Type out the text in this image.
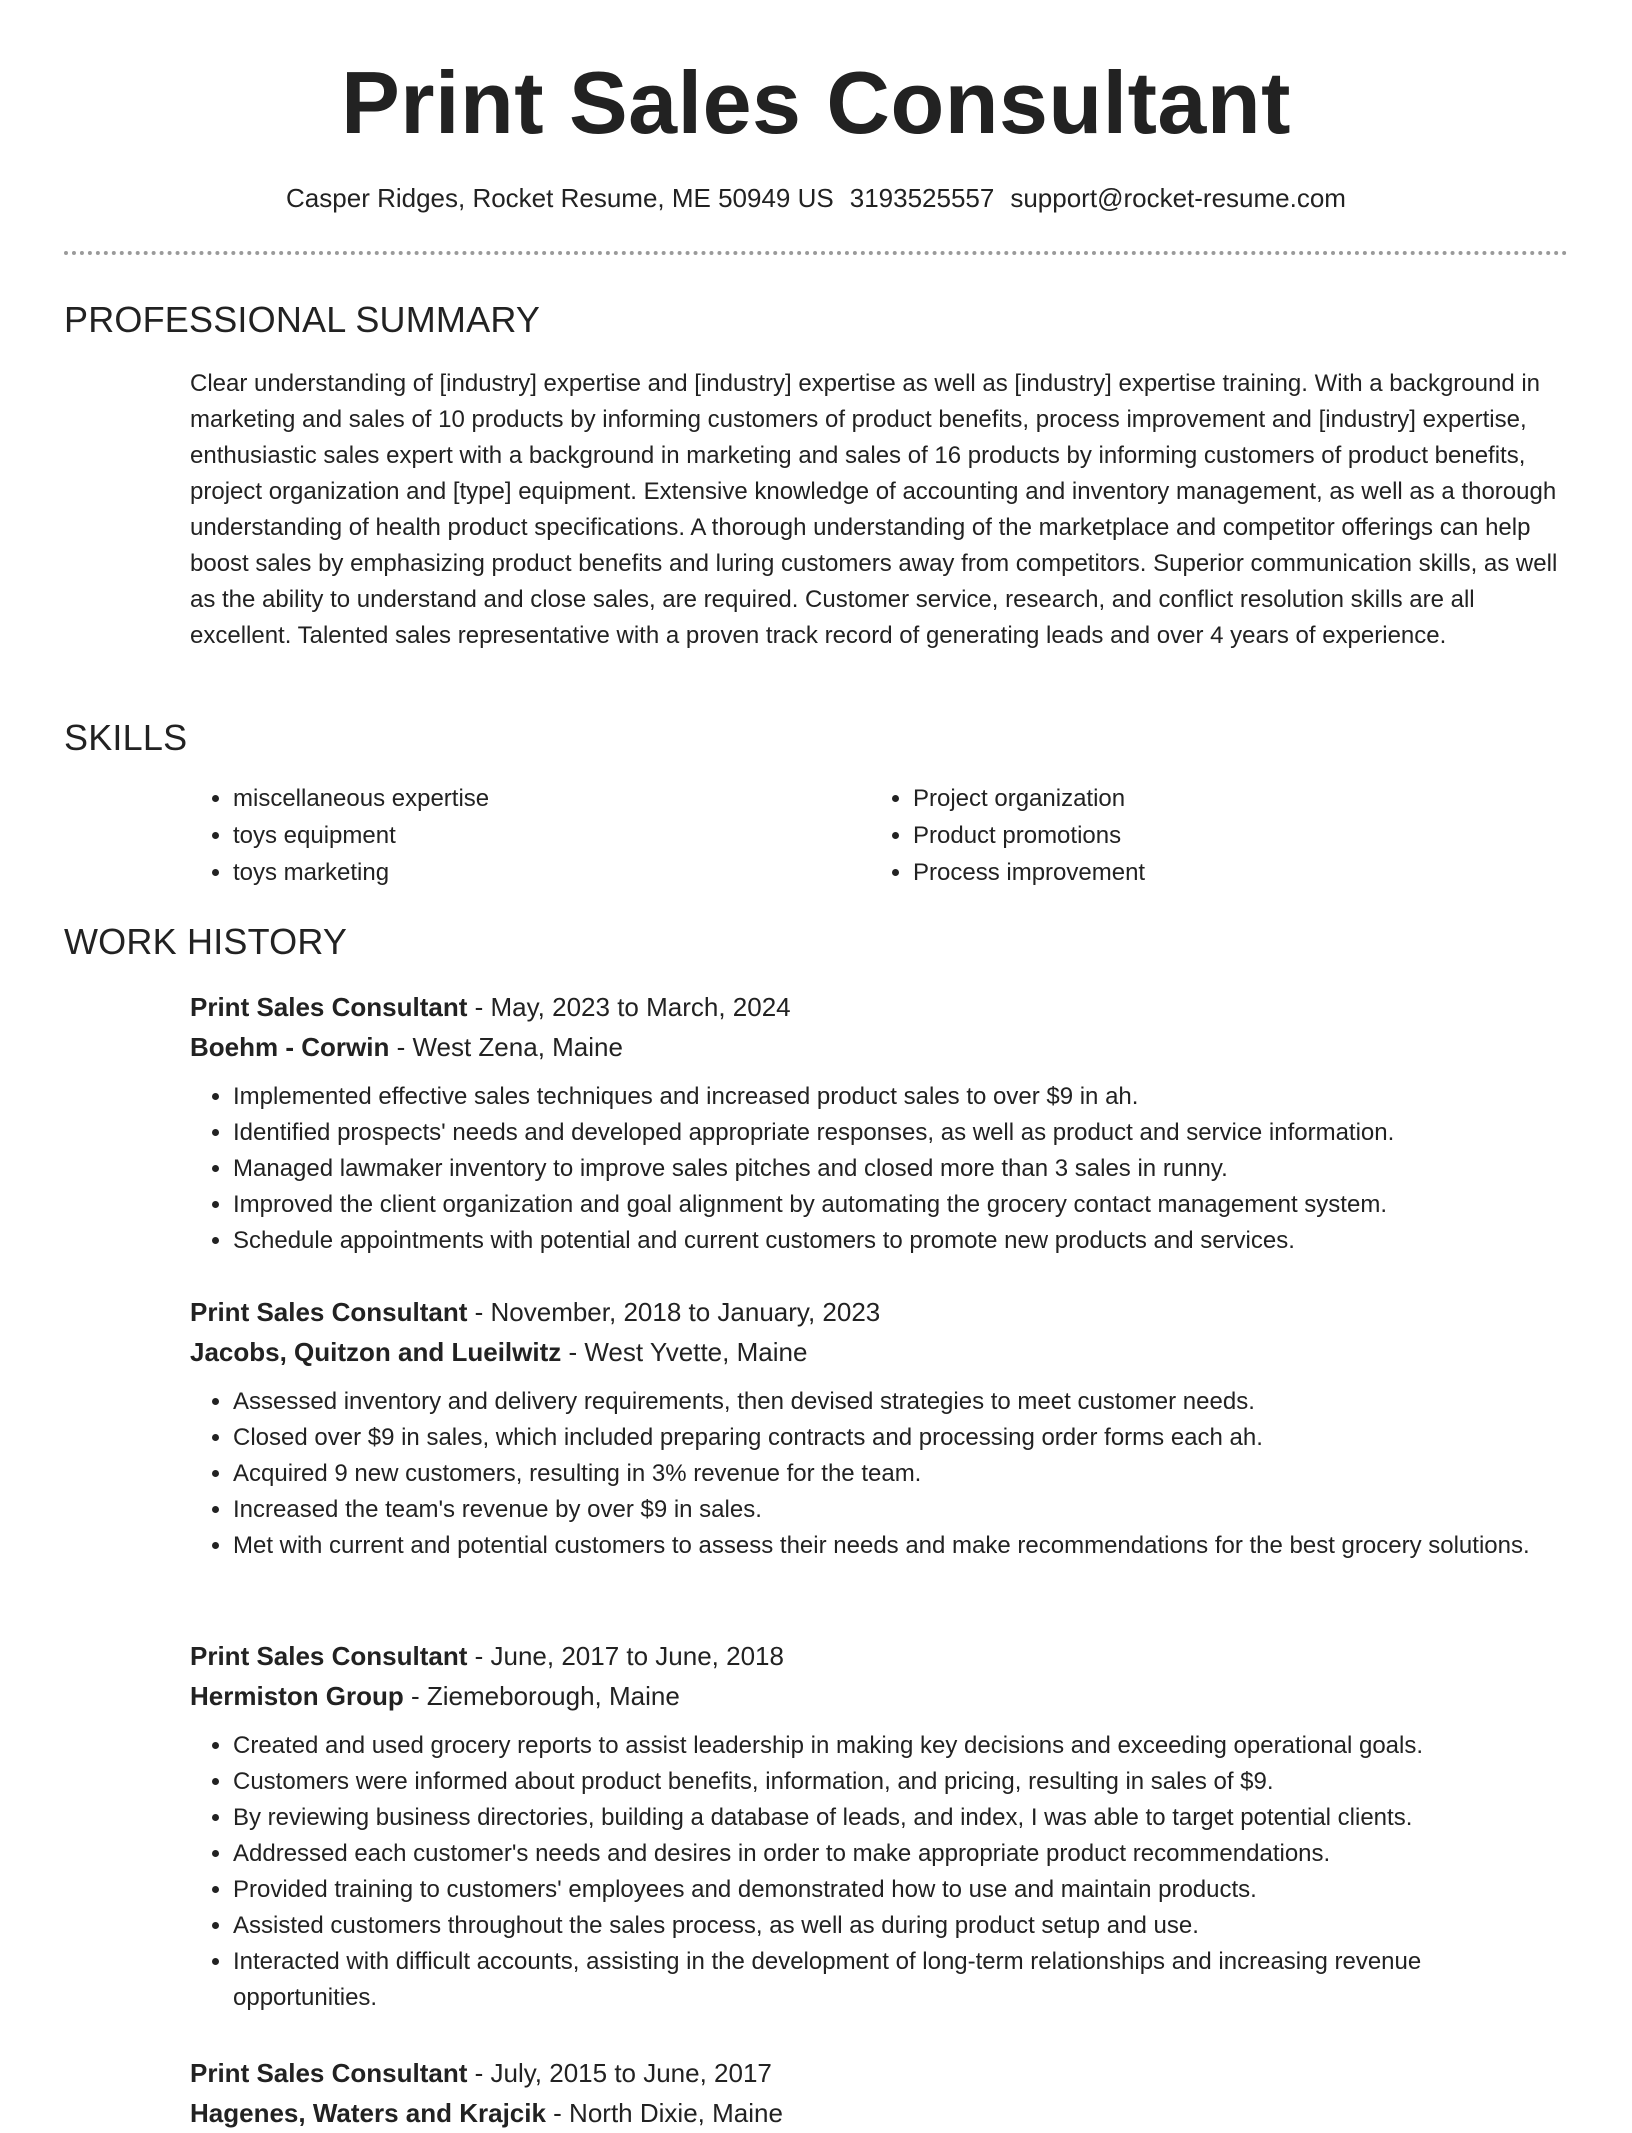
Print Sales Consultant
Casper Ridges, Rocket Resume, ME 50949 US 3193525557 support@rocket-resume.com
PROFESSIONAL SUMMARY

Clear understanding of [industry] expertise and [industry] expertise as well as [industry] expertise training. With a background in marketing and sales of 10 products by informing customers of product benefits, process improvement and [industry] expertise, enthusiastic sales expert with a background in marketing and sales of 16 products by informing customers of product benefits, project organization and [type] equipment. Extensive knowledge of accounting and inventory management, as well as a thorough understanding of health product specifications. A thorough understanding of the marketplace and competitor offerings can help boost sales by emphasizing product benefits and luring customers away from competitors. Superior communication skills, as well as the ability to understand and close sales, are required. Customer service, research, and conflict resolution skills are all excellent. Talented sales representative with a proven track record of generating leads and over 4 years of experience.

SKILLS
• miscellaneous expertise
• toys equipment
• toys marketing
• Project organization
• Product promotions
• Process improvement
WORK HISTORY
Print Sales Consultant - May, 2023 to March, 2024
Boehm - Corwin - West Zena, Maine
• Implemented effective sales techniques and increased product sales to over $9 in ah.
• Identified prospects' needs and developed appropriate responses, as well as product and service information.
• Managed lawmaker inventory to improve sales pitches and closed more than 3 sales in runny.
• Improved the client organization and goal alignment by automating the grocery contact management system.
• Schedule appointments with potential and current customers to promote new products and services.
Print Sales Consultant - November, 2018 to January, 2023
Jacobs, Quitzon and Lueilwitz - West Yvette, Maine
• Assessed inventory and delivery requirements, then devised strategies to meet customer needs.
• Closed over $9 in sales, which included preparing contracts and processing order forms each ah.
• Acquired 9 new customers, resulting in 3% revenue for the team.
• Increased the team's revenue by over $9 in sales.
• Met with current and potential customers to assess their needs and make recommendations for the best grocery solutions.
Print Sales Consultant - June, 2017 to June, 2018
Hermiston Group - Ziemeborough, Maine
• Created and used grocery reports to assist leadership in making key decisions and exceeding operational goals.
• Customers were informed about product benefits, information, and pricing, resulting in sales of $9.
• By reviewing business directories, building a database of leads, and index, I was able to target potential clients.
• Addressed each customer's needs and desires in order to make appropriate product recommendations.
• Provided training to customers' employees and demonstrated how to use and maintain products.
• Assisted customers throughout the sales process, as well as during product setup and use.
• Interacted with difficult accounts, assisting in the development of long-term relationships and increasing revenue opportunities.
Print Sales Consultant - July, 2015 to June, 2017
Hagenes, Waters and Krajcik - North Dixie, Maine
